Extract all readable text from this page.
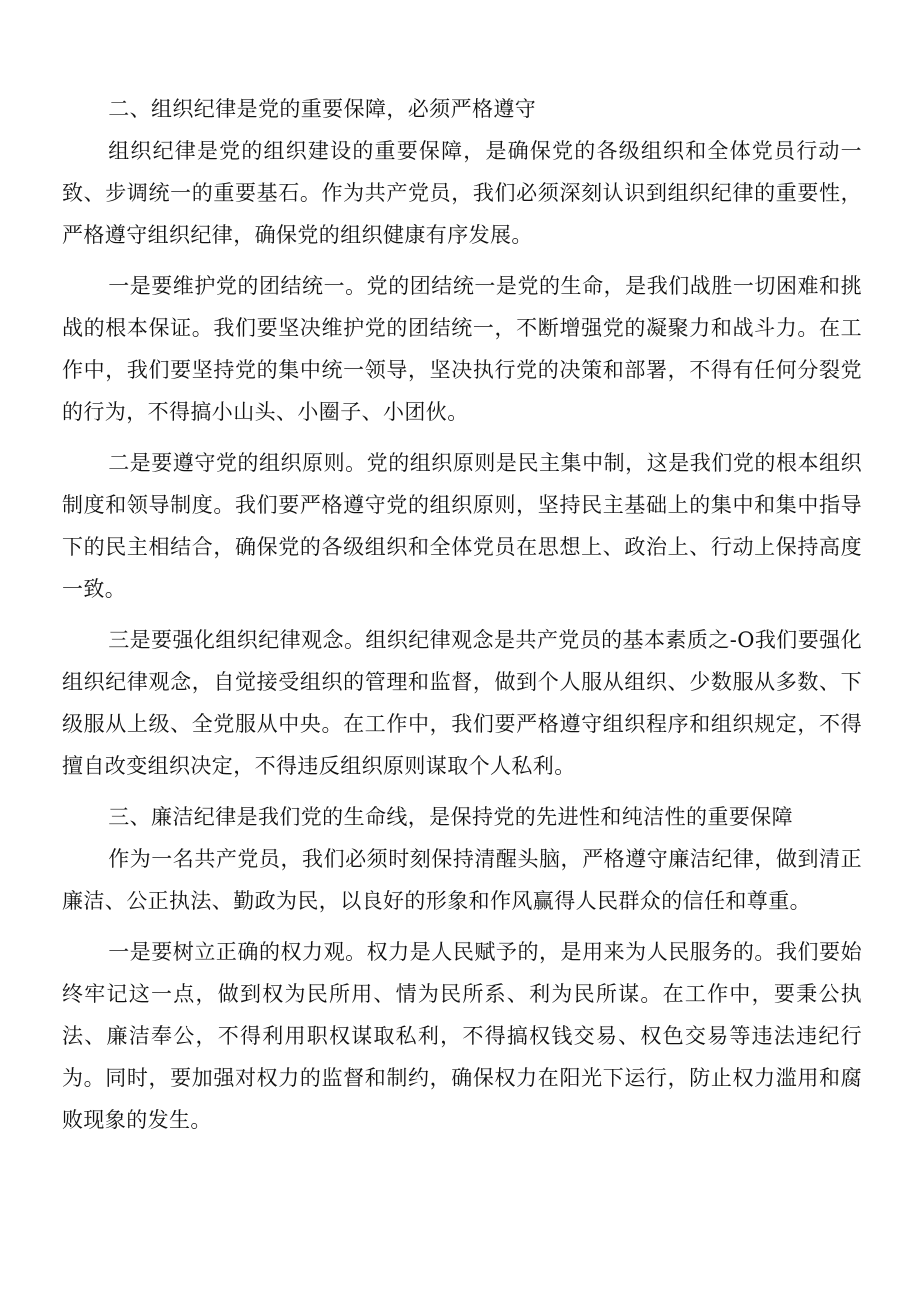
二、组织纪律是党的重要保障，必须严格遵守

组织纪律是党的组织建设的重要保障，是确保党的各级组织和全体党员行动一致、步调统一的重要基石。作为共产党员，我们必须深刻认识到组织纪律的重要性，严格遵守组织纪律，确保党的组织健康有序发展。

一是要维护党的团结统一。党的团结统一是党的生命，是我们战胜一切困难和挑战的根本保证。我们要坚决维护党的团结统一，不断增强党的凝聚力和战斗力。在工作中，我们要坚持党的集中统一领导，坚决执行党的决策和部署，不得有任何分裂党的行为，不得搞小山头、小圈子、小团伙。

二是要遵守党的组织原则。党的组织原则是民主集中制，这是我们党的根本组织制度和领导制度。我们要严格遵守党的组织原则，坚持民主基础上的集中和集中指导下的民主相结合，确保党的各级组织和全体党员在思想上、政治上、行动上保持高度一致。

三是要强化组织纪律观念。组织纪律观念是共产党员的基本素质之-O我们要强化组织纪律观念，自觉接受组织的管理和监督，做到个人服从组织、少数服从多数、下级服从上级、全党服从中央。在工作中，我们要严格遵守组织程序和组织规定，不得擅自改变组织决定，不得违反组织原则谋取个人私利。

三、廉洁纪律是我们党的生命线，是保持党的先进性和纯洁性的重要保障

作为一名共产党员，我们必须时刻保持清醒头脑，严格遵守廉洁纪律，做到清正廉洁、公正执法、勤政为民，以良好的形象和作风赢得人民群众的信任和尊重。

一是要树立正确的权力观。权力是人民赋予的，是用来为人民服务的。我们要始终牢记这一点，做到权为民所用、情为民所系、利为民所谋。在工作中，要秉公执法、廉洁奉公，不得利用职权谋取私利，不得搞权钱交易、权色交易等违法违纪行为。同时，要加强对权力的监督和制约，确保权力在阳光下运行，防止权力滥用和腐败现象的发生。
